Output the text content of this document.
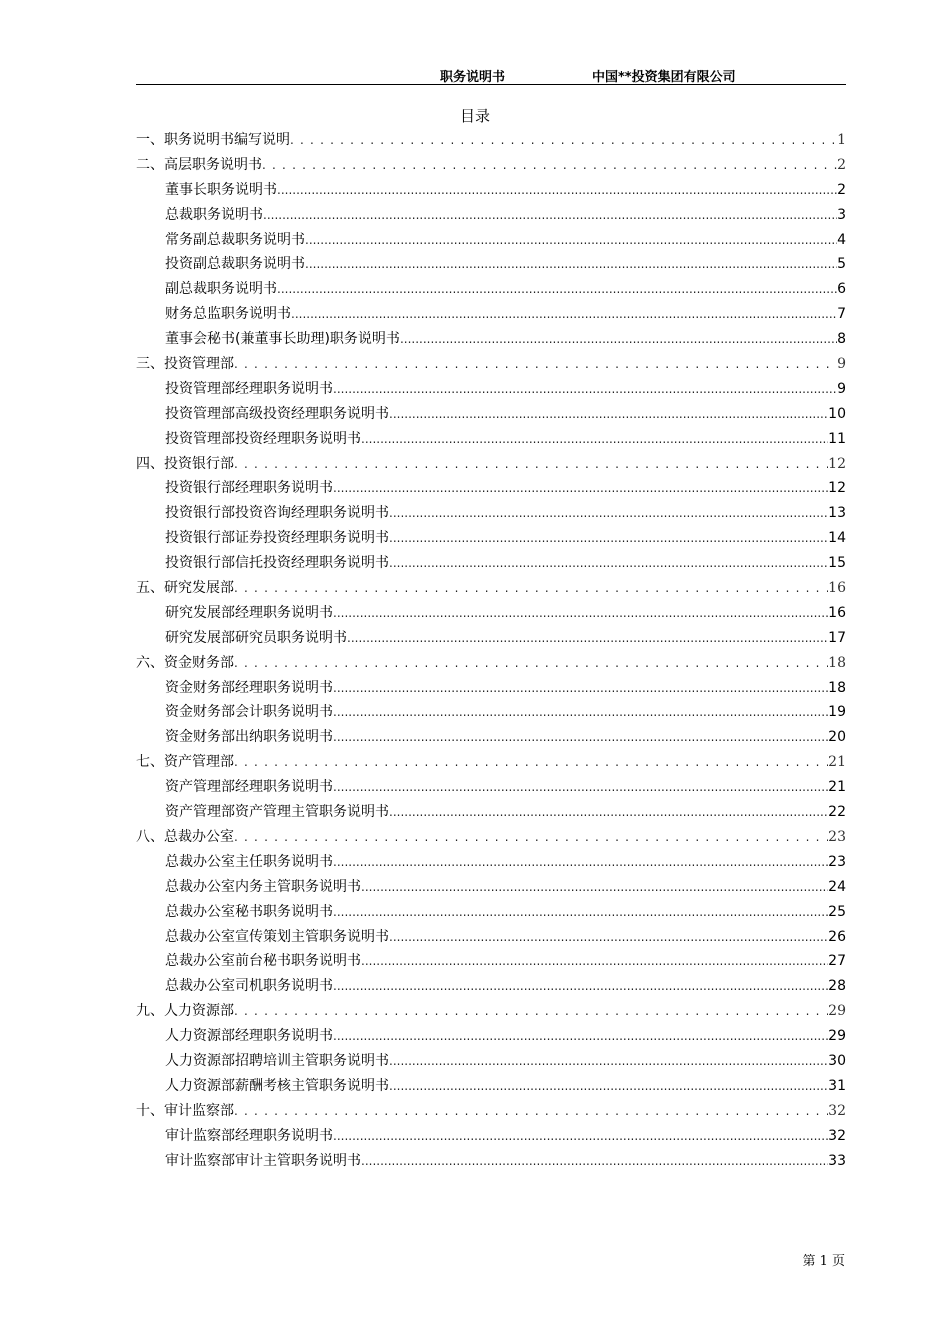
职务说明书	中国**投资集团有限公司
目录
一、职务说明书编写说明 . . .	1
二、高层职务说明书 . . .	2
董事长职务说明书 .....	2
总裁职务说明书 .....	3
常务副总裁职务说明书 .....	4
投资副总裁职务说明书 .....	5
副总裁职务说明书 .....	6
财务总监职务说明书 .....	7
董事会秘书(兼董事长助理)职务说明书 .....	8
三、投资管理部 . . .	9
投资管理部经理职务说明书 .....	9
投资管理部高级投资经理职务说明书 .....	10
投资管理部投资经理职务说明书 .....	11
四、投资银行部 . . .	12
投资银行部经理职务说明书 .....	12
投资银行部投资咨询经理职务说明书 .....	13
投资银行部证券投资经理职务说明书 .....	14
投资银行部信托投资经理职务说明书 .....	15
五、研究发展部 . . .	16
研究发展部经理职务说明书 .....	16
研究发展部研究员职务说明书 .....	17
六、资金财务部 . . .	18
资金财务部经理职务说明书 .....	18
资金财务部会计职务说明书 .....	19
资金财务部出纳职务说明书 .....	20
七、资产管理部 . . .	21
资产管理部经理职务说明书 .....	21
资产管理部资产管理主管职务说明书 .....	22
八、总裁办公室 . . .	23
总裁办公室主任职务说明书 .....	23
总裁办公室内务主管职务说明书 .....	24
总裁办公室秘书职务说明书 .....	25
总裁办公室宣传策划主管职务说明书 .....	26
总裁办公室前台秘书职务说明书 .....	27
总裁办公室司机职务说明书 .....	28
九、人力资源部 . . .	29
人力资源部经理职务说明书 .....	29
人力资源部招聘培训主管职务说明书 .....	30
人力资源部薪酬考核主管职务说明书 .....	31
十、审计监察部 . . .	32
审计监察部经理职务说明书 .....	32
审计监察部审计主管职务说明书 .....	33
第 1 页
